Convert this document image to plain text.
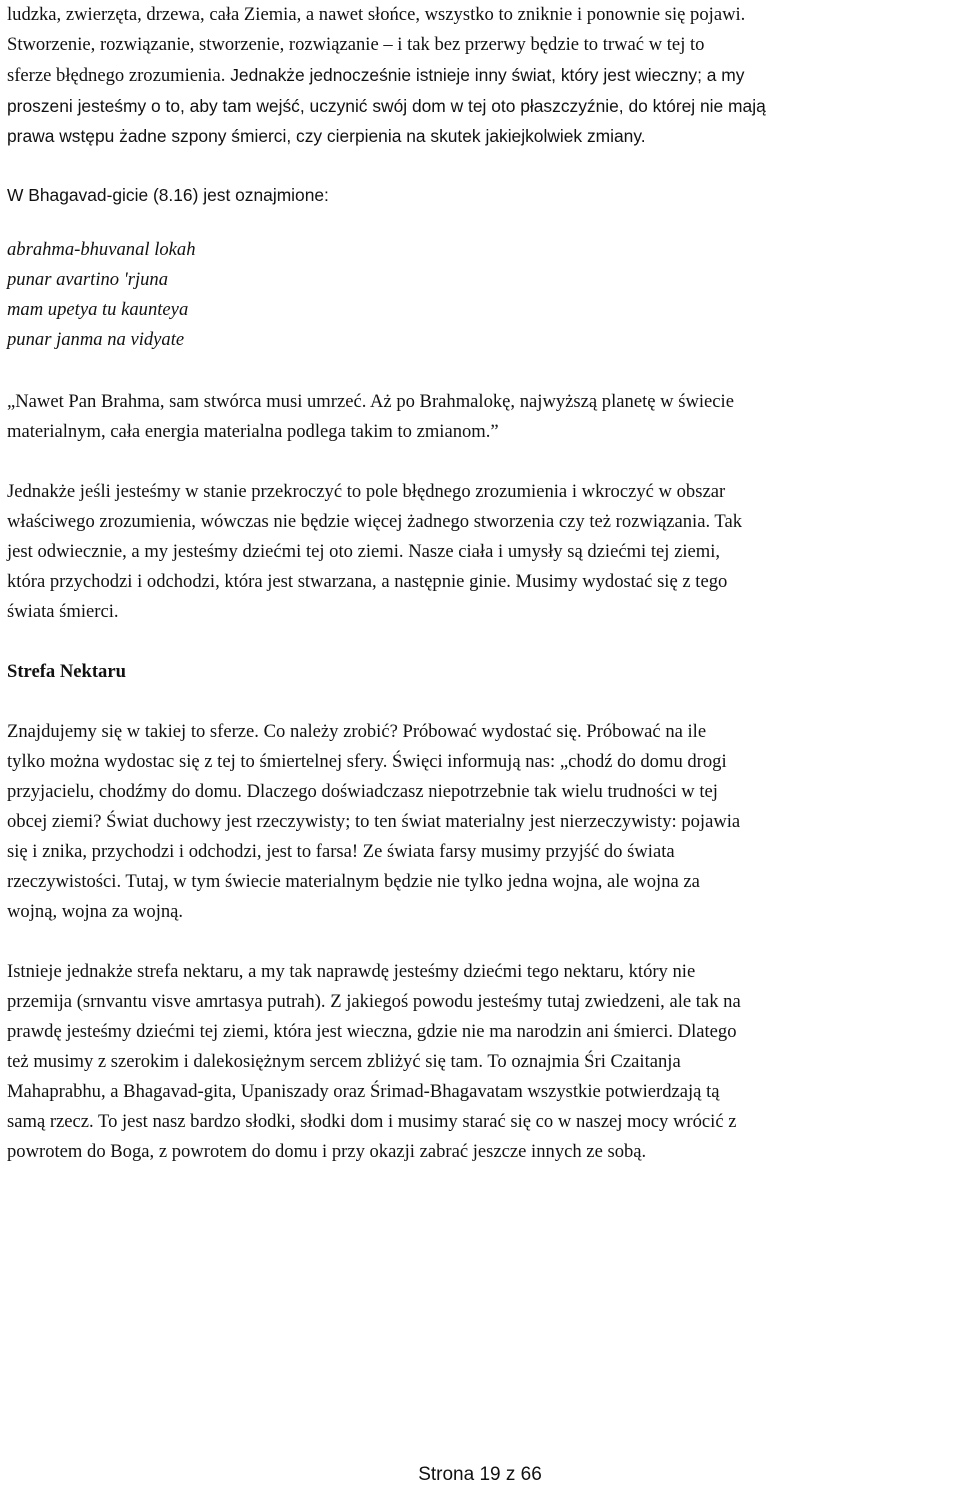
ludzka, zwierzęta, drzewa, cała Ziemia, a nawet słońce, wszystko to zniknie i ponownie się pojawi.
Stworzenie, rozwiązanie, stworzenie, rozwiązanie – i tak bez przerwy będzie to trwać w tej to
sferze błędnego zrozumienia. Jednakże jednocześnie istnieje inny świat, który jest wieczny; a my
proszeni jesteśmy o to, aby tam wejść, uczynić swój dom w tej oto płaszczyźnie, do której nie mają
prawa wstępu żadne szpony śmierci, czy cierpienia na skutek jakiejkolwiek zmiany.

W Bhagavad-gicie (8.16) jest oznajmione:

abrahma-bhuvanal lokah
punar avartino 'rjuna
mam upetya tu kaunteya
punar janma na vidyate

„Nawet Pan Brahma, sam stwórca musi umrzeć. Aż po Brahmalokę, najwyższą planetę w świecie
materialnym, cała energia materialna podlega takim to zmianom.”

Jednakże jeśli jesteśmy w stanie przekroczyć to pole błędnego zrozumienia i wkroczyć w obszar
właściwego zrozumienia, wówczas nie będzie więcej żadnego stworzenia czy też rozwiązania. Tak
jest odwiecznie, a my jesteśmy dziećmi tej oto ziemi. Nasze ciała i umysły są dziećmi tej ziemi,
która przychodzi i odchodzi, która jest stwarzana, a następnie ginie. Musimy wydostać się z tego
świata śmierci.

Strefa Nektaru

Znajdujemy się w takiej to sferze. Co należy zrobić? Próbować wydostać się. Próbować na ile
tylko można wydostac się z tej to śmiertelnej sfery. Święci informują nas: „chodź do domu drogi
przyjacielu, chodźmy do domu. Dlaczego doświadczasz niepotrzebnie tak wielu trudności w tej
obcej ziemi? Świat duchowy jest rzeczywisty; to ten świat materialny jest nierzeczywisty: pojawia
się i znika, przychodzi i odchodzi, jest to farsa! Ze świata farsy musimy przyjść do świata
rzeczywistości. Tutaj, w tym świecie materialnym będzie nie tylko jedna wojna, ale wojna za
wojną, wojna za wojną.

Istnieje jednakże strefa nektaru, a my tak naprawdę jesteśmy dziećmi tego nektaru, który nie
przemija (srnvantu visve amrtasya putrah). Z jakiegoś powodu jesteśmy tutaj zwiedzeni, ale tak na
prawdę jesteśmy dziećmi tej ziemi, która jest wieczna, gdzie nie ma narodzin ani śmierci. Dlatego
też musimy z szerokim i dalekosiężnym sercem zbliżyć się tam. To oznajmia Śri Czaitanja
Mahaprabhu, a Bhagavad-gita, Upaniszady oraz Śrimad-Bhagavatam wszystkie potwierdzają tą
samą rzecz. To jest nasz bardzo słodki, słodki dom i musimy starać się co w naszej mocy wrócić z
powrotem do Boga, z powrotem do domu i przy okazji zabrać jeszcze innych ze sobą.

Strona 19 z 66
